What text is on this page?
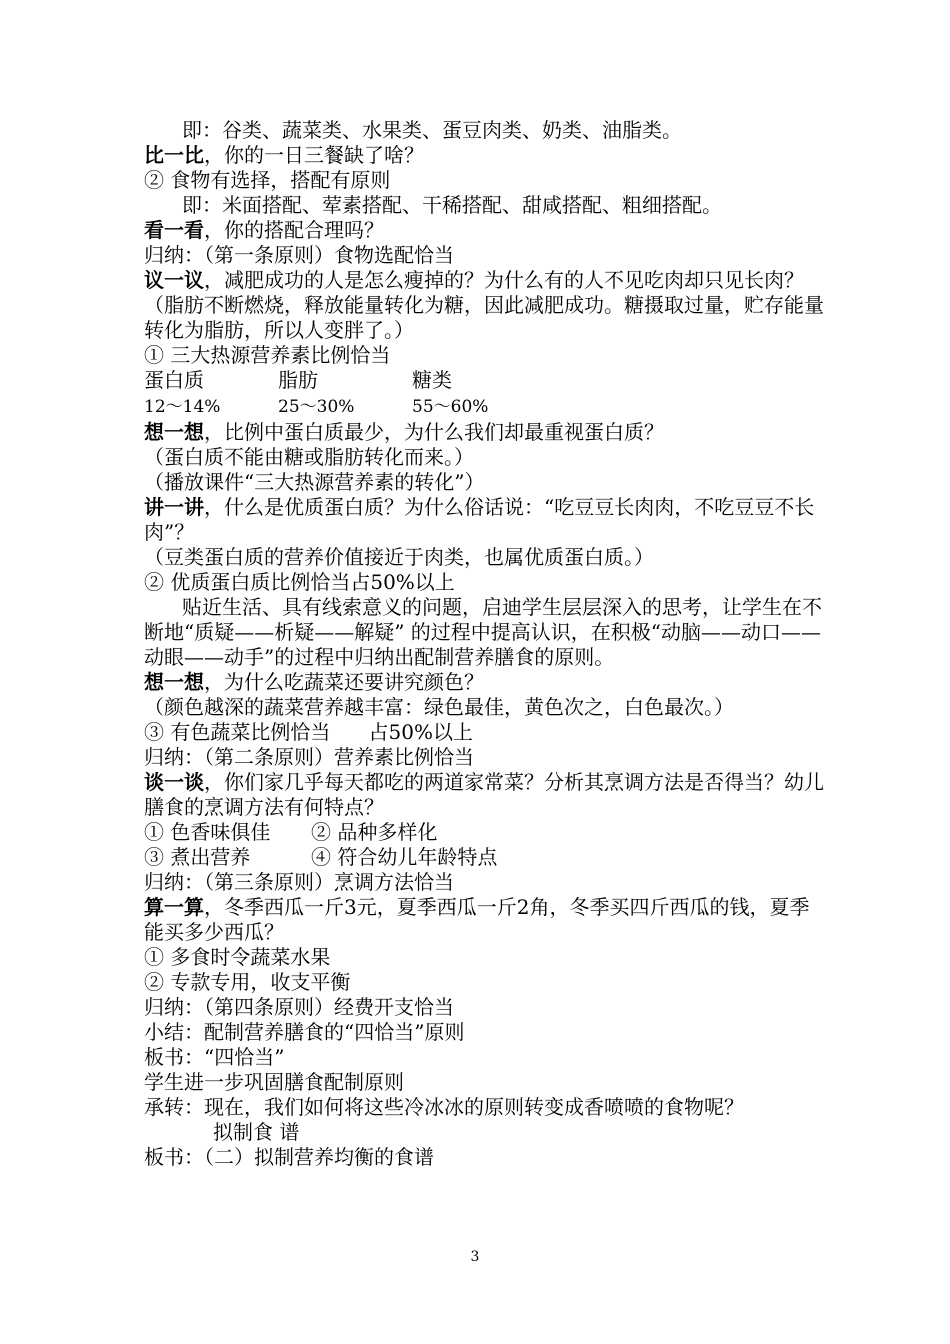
即：谷类、蔬菜类、水果类、蛋豆肉类、奶类、油脂类。

比一比，你的一日三餐缺了啥？

② 食物有选择，搭配有原则

即：米面搭配、荤素搭配、干稀搭配、甜咸搭配、粗细搭配。

看一看，你的搭配合理吗？

归纳：（第一条原则）食物选配恰当

议一议，减肥成功的人是怎么瘦掉的？为什么有的人不见吃肉却只见长肉？

（脂肪不断燃烧，释放能量转化为糖，因此减肥成功。糖摄取过量，贮存能量转化为脂肪，所以人变胖了。）

① 三大热源营养素比例恰当

蛋白质	脂肪	糖类

12～14%	25～30%	55～60%

想一想，比例中蛋白质最少，为什么我们却最重视蛋白质？

（蛋白质不能由糖或脂肪转化而来。）

（播放课件“三大热源营养素的转化”）

讲一讲，什么是优质蛋白质？为什么俗话说：“吃豆豆长肉肉，不吃豆豆不长肉”？

（豆类蛋白质的营养价值接近于肉类，也属优质蛋白质。）

② 优质蛋白质比例恰当占50%以上

贴近生活、具有线索意义的问题，启迪学生层层深入的思考，让学生在不断地“质疑——析疑——解疑” 的过程中提高认识，在积极“动脑——动口——动眼——动手”的过程中归纳出配制营养膳食的原则。

想一想，为什么吃蔬菜还要讲究颜色？

（颜色越深的蔬菜营养越丰富：绿色最佳，黄色次之，白色最次。）

③ 有色蔬菜比例恰当      占50%以上

归纳：（第二条原则）营养素比例恰当

谈一谈，你们家几乎每天都吃的两道家常菜？分析其烹调方法是否得当？幼儿膳食的烹调方法有何特点？

① 色香味俱佳 ② 品种多样化

③ 煮出营养	④ 符合幼儿年龄特点

归纳：（第三条原则）烹调方法恰当

算一算，冬季西瓜一斤3元，夏季西瓜一斤2角，冬季买四斤西瓜的钱，夏季能买多少西瓜？

① 多食时令蔬菜水果

② 专款专用，收支平衡

归纳：（第四条原则）经费开支恰当

小结：配制营养膳食的“四恰当”原则

板书：“四恰当”

学生进一步巩固膳食配制原则

承转：现在，我们如何将这些冷冰冰的原则转变成香喷喷的食物呢？

拟制食 谱

板书：（二）拟制营养均衡的食谱

3
